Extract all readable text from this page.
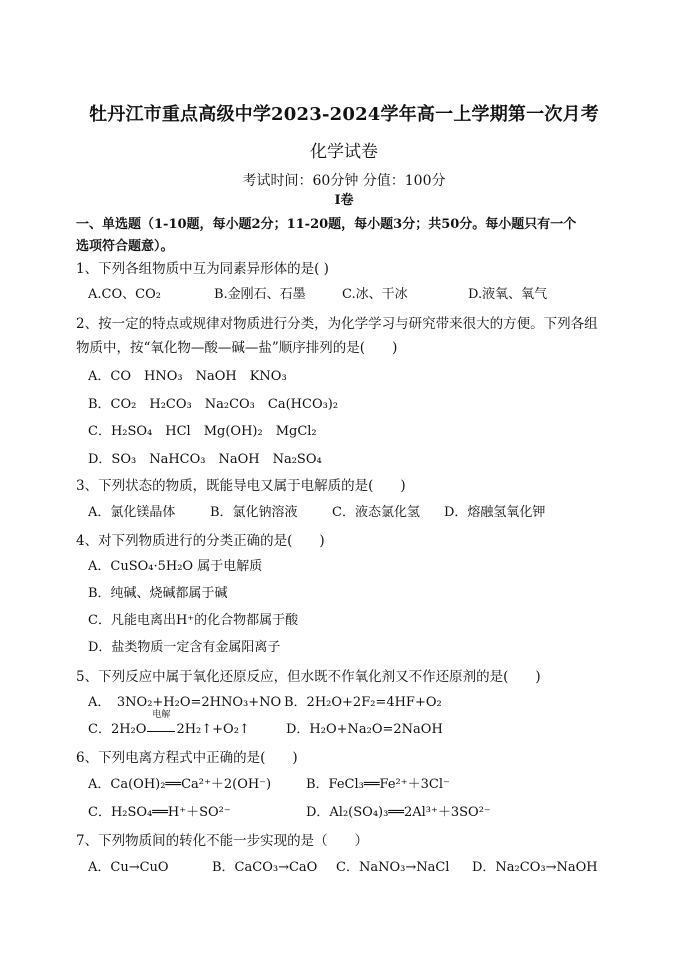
牡丹江市重点高级中学2023-2024学年高一上学期第一次月考
化学试卷
考试时间：60分钟 分值：100分
I卷
一、单选题（1-10题，每小题2分；11-20题，每小题3分；共50分。每小题只有一个
选项符合题意）。
1、下列各组物质中互为同素异形体的是( )
A.CO、CO₂	B.金刚石、石墨	C.冰、干冰	D.液氧、氧气
2、按一定的特点或规律对物质进行分类，为化学学习与研究带来很大的方便。下列各组
物质中，按“氧化物—酸—碱—盐”顺序排列的是(　　)
A．CO　HNO₃　NaOH　KNO₃
B．CO₂　H₂CO₃　Na₂CO₃　Ca(HCO₃)₂
C．H₂SO₄　HCl　Mg(OH)₂　MgCl₂
D．SO₃　NaHCO₃　NaOH　Na₂SO₄
3、下列状态的物质，既能导电又属于电解质的是(　　)
A．氯化镁晶体	B．氯化钠溶液	C．液态氯化氢 D．熔融氢氧化钾
4、对下列物质进行的分类正确的是(　　)
A．CuSO₄·5H₂O 属于电解质
B．纯碱、烧碱都属于碱
C．凡能电离出H⁺的化合物都属于酸
D．盐类物质一定含有金属阳离子
5、下列反应中属于氧化还原反应，但水既不作氧化剂又不作还原剂的是(　　)
A．　3NO₂+H₂O=2HNO₃+NO B．2H₂O+2F₂=4HF+O₂
C．2H₂O
电解
2H₂↑+O₂↑	D．H₂O+Na₂O=2NaOH
6、下列电离方程式中正确的是(　　)
A．Ca(OH)₂══Ca²⁺＋2(OH⁻)	B．FeCl₃══Fe²⁺＋3Cl⁻
C．H₂SO₄══H⁺＋SO²⁻	D．Al₂(SO₄)₃══2Al³⁺＋3SO²⁻
7、下列物质间的转化不能一步实现的是（　　）
A．Cu→CuO	B．CaCO₃→CaO C．NaNO₃→NaCl D．Na₂CO₃→NaOH
